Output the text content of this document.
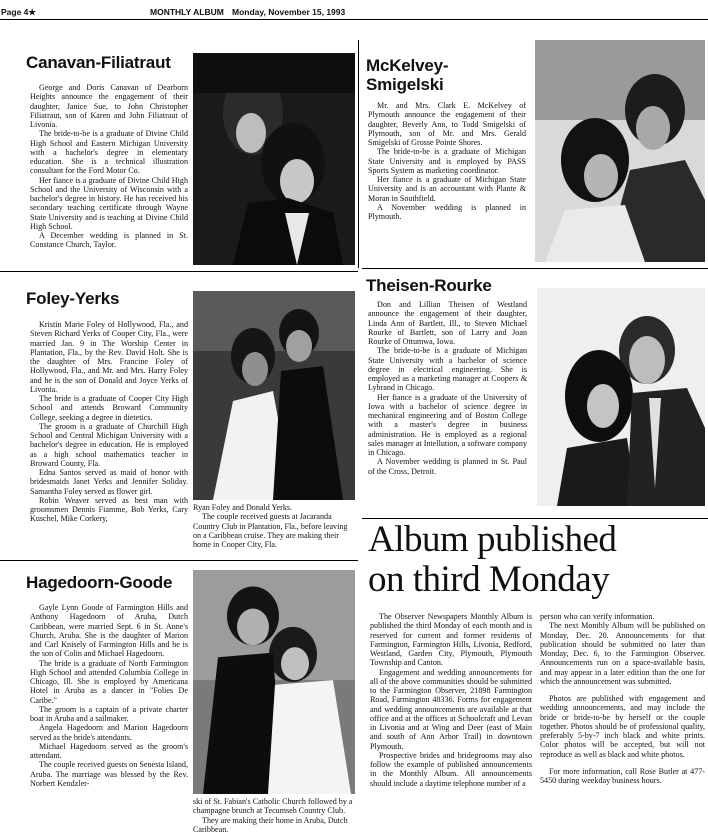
Page 4★	MONTHLY ALBUM Monday, November 15, 1993
Canavan-Filiatraut

George and Doris Canavan of Dearborn Heights announce the engagement of their daughter, Janice Sue, to John Christopher Filiatraut, son of Karen and John Filiatraut of Livonia.

The bride-to-be is a graduate of Divine Child High School and Eastern Michigan University with a bachelor's degree in elementary education. She is a technical illustration consultant for the Ford Motor Co.

Her fiance is a graduate of Divine Child High School and the University of Wisconsin with a bachelor's degree in history. He has received his secondary teaching certificate through Wayne State University and is teaching at Divine Child High School.

A December wedding is planned in St. Constance Church, Taylor.

McKelvey-
Smigelski

Mr. and Mrs. Clark E. McKelvey of Plymouth announce the engagement of their daughter, Beverly Ann, to Todd Smigelski of Plymouth, son of Mr. and Mrs. Gerald Smigelski of Grosse Pointe Shores.

The bride-to-be is a graduate of Michigan State University and is employed by PASS Sports System as marketing coordinator.

Her fiance is a graduate of Michigan State University and is an accountant with Plante & Moran in Southfield.

A November wedding is planned in Plymouth.

Foley-Yerks

Kristin Marie Foley of Hollywood, Fla., and Steven Richard Yerks of Cooper City, Fla., were married Jan. 9 in The Worship Center in Plantation, Fla., by the Rev. David Holt. She is the daughter of Mrs. Francine Foley of Hollywood, Fla., and Mr. and Mrs. Harry Foley and he is the son of Donald and Joyce Yerks of Livonia.

The bride is a graduate of Cooper City High School and attends Broward Community College, seeking a degree in dietetics.

The groom is a graduate of Churchill High School and Central Michigan University with a bachelor's degree in education. He is employed as a high school mathematics teacher in Broward County, Fla.

Edna Santos served as maid of honor with bridesmaids Janet Yerks and Jennifer Soliday. Samantha Foley served as flower girl.

Robin Weaver served as best man with groomsmen Dennis Fiamme, Bob Yerks, Cary Kuschel, Mike Corkery,

Ryan Foley and Donald Yerks.

The couple received guests at Jacaranda Country Club in Plantation, Fla., before leaving on a Caribbean cruise. They are making their home in Cooper City, Fla.

Theisen-Rourke

Don and Lillian Theisen of Westland announce the engagement of their daughter, Linda Ann of Bartlett, Ill., to Steven Michael Rourke of Bartlett, son of Larry and Joan Rourke of Ottumwa, Iowa.

The bride-to-be is a graduate of Michigan State University with a bachelor of science degree in electrical engineering. She is employed as a marketing manager at Coopers & Lybrand in Chicago.

Her fiance is a graduate of the University of Iowa with a bachelor of science degree in mechanical engineering and of Boston College with a master's degree in business administration. He is employed as a regional sales manager at Intellution, a software company in Chicago.

A November wedding is planned in St. Paul of the Cross, Detroit.

Album published
on third Monday

The Observer Newspapers Monthly Album is published the third Monday of each month and is reserved for current and former residents of Farmington, Farmington Hills, Livonia, Redford, Westland, Garden City, Plymouth, Plymouth Township and Canton.

Engagement and wedding announcements for all of the above communities should be submitted to the Farmington Observer, 21898 Farmington Road, Farmington 48336. Forms for engagement and wedding announcements are available at that office and at the offices at Schoolcraft and Levan in Livonia and at Wing and Deer (east of Main and south of Ann Arbor Trail) in downtown Plymouth.

Prospective brides and bridegrooms may also follow the example of published announcements in the Monthly Album. All announcements should include a daytime telephone number of a

person who can verify information.

The next Monthly Album will be published on Monday, Dec. 20. Announcements for that publication should be submitted no later than Monday, Dec. 6, to the Farmington Observer. Announcements run on a space-available basis, and may appear in a later edition than the one for which the announcement was submitted.

Photos are published with engagement and wedding announcements, and may include the bride or bride-to-be by herself or the couple together. Photos should be of professional quality, preferably 5-by-7 inch black and white prints. Color photos will be accepted, but will not reproduce as well as black and white photos.

For more information, call Rose Butler at 477-5450 during weekday business hours.

Hagedoorn-Goode

Gayle Lynn Goode of Farmington Hills and Anthony Hagedoorn of Aruba, Dutch Caribbean, were married Sept. 6 in St. Anne's Church, Aruba. She is the daughter of Marion and Carl Knisely of Farmington Hills and he is the son of Colin and Michael Hagedoorn.

The bride is a graduate of North Farmington High School and attended Columbia College in Chicago, Ill. She is employed by Americana Hotel in Aruba as a dancer in "Folies De Caribe."

The groom is a captain of a private charter boat in Aruba and a sailmaker.

Angela Hagedoorn and Marion Hagedoorn served as the bride's attendants.

Michael Hagedoorn served as the groom's attendant.

The couple received guests on Senesta Island, Aruba. The marriage was blessed by the Rev. Norbert Kendzler-

ski of St. Fabian's Catholic Church followed by a champagne brunch at Tecumseh Country Club.

They are making their home in Aruba, Dutch Caribbean.
